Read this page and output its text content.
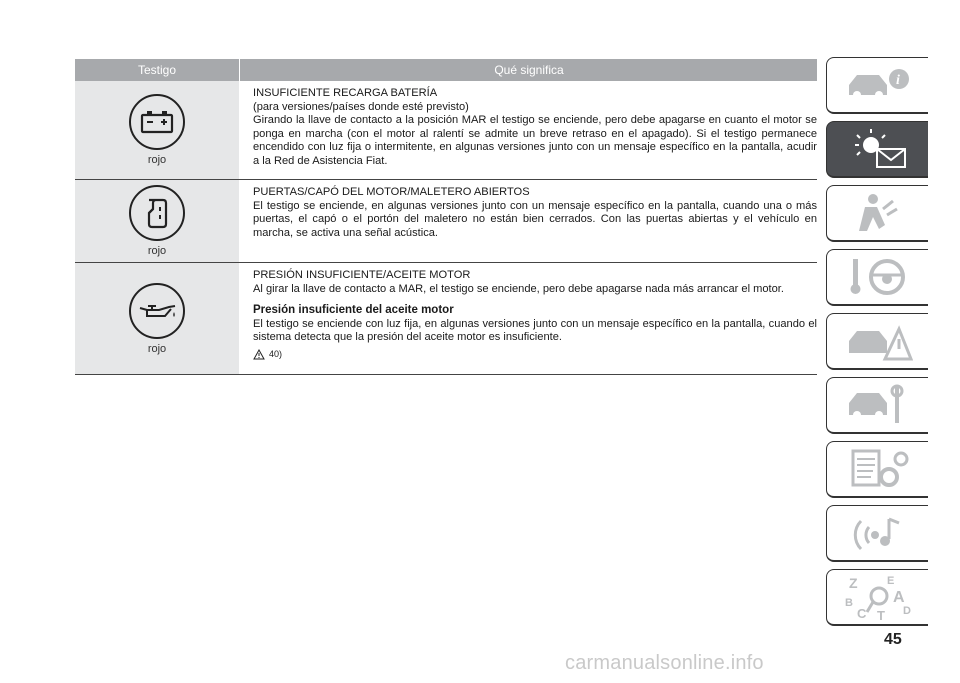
Testigo	Qué significa
rojo

INSUFICIENTE RECARGA BATERÍA

(para versiones/países donde esté previsto)

Girando la llave de contacto a la posición MAR el testigo se enciende, pero debe apagarse en cuanto el motor se ponga en marcha (con el motor al ralentí se admite un breve retraso en el apagado). Si el testigo permanece encendido con luz fija o intermitente, en algunas versiones junto con un mensaje específico en la pantalla, acudir a la Red de Asistencia Fiat.

rojo

PUERTAS/CAPÓ DEL MOTOR/MALETERO ABIERTOS

El testigo se enciende, en algunas versiones junto con un mensaje específico en la pantalla, cuando una o más puertas, el capó o el portón del maletero no están bien cerrados. Con las puertas abiertas y el vehículo en marcha, se activa una señal acústica.

rojo

PRESIÓN INSUFICIENTE/ACEITE MOTOR

Al girar la llave de contacto a MAR, el testigo se enciende, pero debe apagarse nada más arrancar el motor.

Presión insuficiente del aceite motor

El testigo se enciende con luz fija, en algunas versiones junto con un mensaje específico en la pantalla, cuando el sistema detecta que la presión del aceite motor es insuficiente.

40)
i
Z	E
A
B
C T D
45
carmanualsonline.info
